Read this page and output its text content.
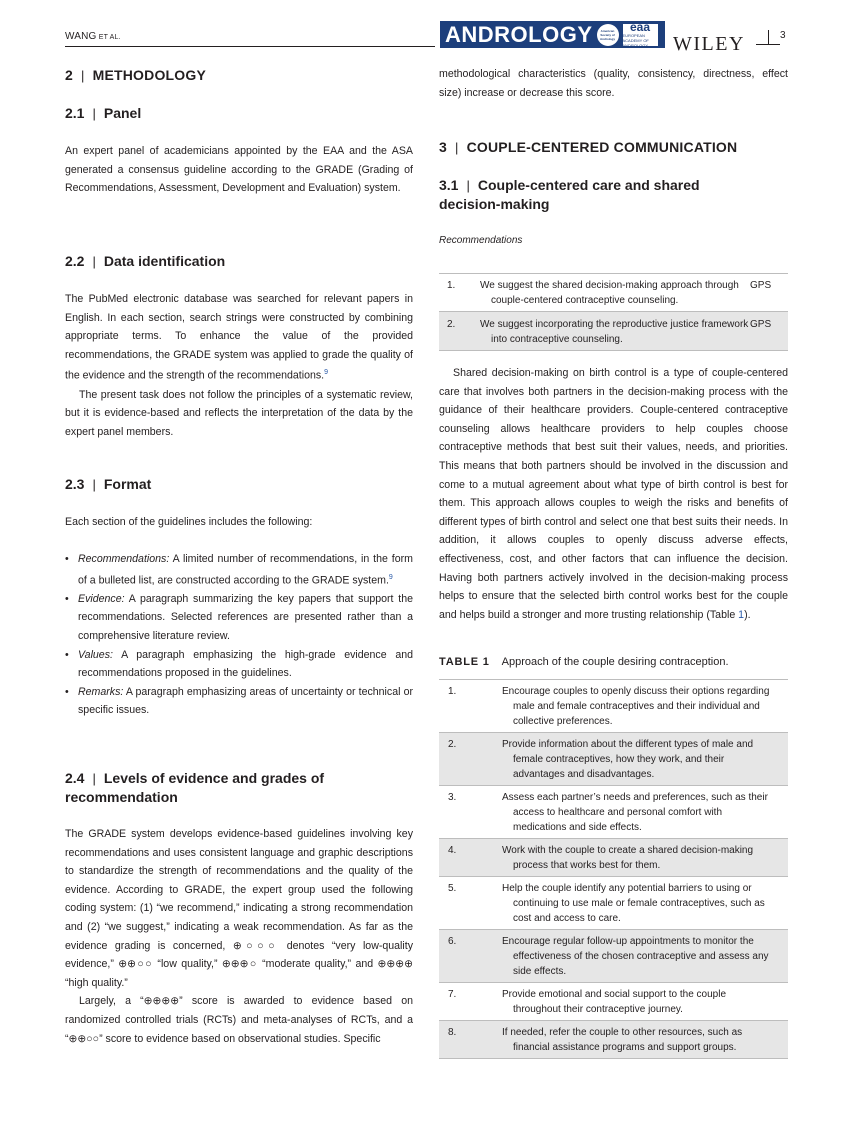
WANG ET AL.	ANDROLOGY	American Society of Andrology
eaa
EUROPEAN ACADEMY OF ANDROLOGY	WILEY	3
2 | METHODOLOGY
2.1 | Panel
An expert panel of academicians appointed by the EAA and the ASA generated a consensus guideline according to the GRADE (Grading of Recommendations, Assessment, Development and Evaluation) system.
2.2 | Data identification
The PubMed electronic database was searched for relevant papers in English. In each section, search strings were constructed by combining appropriate terms. To enhance the value of the provided recommendations, the GRADE system was applied to grade the quality of the evidence and the strength of the recommendations.$^9$
The present task does not follow the principles of a systematic review, but it is evidence-based and reflects the interpretation of the data by the expert panel members.
2.3 | Format
Each section of the guidelines includes the following:
• Recommendations: A limited number of recommendations, in the form of a bulleted list, are constructed according to the GRADE system.$^9$
• Evidence: A paragraph summarizing the key papers that support the recommendations. Selected references are presented rather than a comprehensive literature review.
• Values: A paragraph emphasizing the high-grade evidence and recommendations proposed in the guidelines.
• Remarks: A paragraph emphasizing areas of uncertainty or technical or specific issues.
2.4 | Levels of evidence and grades of recommendation
The GRADE system develops evidence-based guidelines involving key recommendations and uses consistent language and graphic descriptions to standardize the strength of recommendations and the quality of the evidence. According to GRADE, the expert group used the following coding system: (1) “we recommend,” indicating a strong recommendation and (2) “we suggest,” indicating a weak recommendation. As far as the evidence grading is concerned, ⊕○○○ denotes “very low-quality evidence,” ⊕⊕○○ “low quality,” ⊕⊕⊕○ “moderate quality,” and ⊕⊕⊕⊕ “high quality.”
Largely, a “⊕⊕⊕⊕” score is awarded to evidence based on randomized controlled trials (RCTs) and meta-analyses of RCTs, and a “⊕⊕○○” score to evidence based on observational studies. Specific
methodological characteristics (quality, consistency, directness, effect size) increase or decrease this score.
3 | COUPLE-CENTERED COMMUNICATION
3.1 | Couple-centered care and shared
decision-making
Recommendations
1.	We suggest the shared decision-making approach through couple-centered contraceptive counseling.	GPS
2.	We suggest incorporating the reproductive justice framework into contraceptive counseling.	GPS
Shared decision-making on birth control is a type of couple-centered care that involves both partners in the decision-making process with the guidance of their healthcare providers. Couple-centered contraceptive counseling allows healthcare providers to help couples choose contraceptive methods that best suit their values, needs, and priorities. This means that both partners should be involved in the discussion and come to a mutual agreement about what type of birth control is best for them. This approach allows couples to weigh the risks and benefits of different types of birth control and select one that best suits their needs. In addition, it allows couples to openly discuss adverse effects, effectiveness, cost, and other factors that can influence the decision. Having both partners actively involved in the decision-making process helps to ensure that the selected birth control works best for the couple and helps build a stronger and more trusting relationship (Table 1).
TABLE 1 Approach of the couple desiring contraception.
1.	Encourage couples to openly discuss their options regarding male and female contraceptives and their individual and collective preferences.

2.	Provide information about the different types of male and female contraceptives, how they work, and their advantages and disadvantages.

3.	Assess each partner’s needs and preferences, such as their access to healthcare and personal comfort with medications and side effects.

4.	Work with the couple to create a shared decision-making process that works best for them.

5.	Help the couple identify any potential barriers to using or continuing to use male or female contraceptives, such as cost and access to care.

6.	Encourage regular follow-up appointments to monitor the effectiveness of the chosen contraceptive and assess any side effects.

7.	Provide emotional and social support to the couple throughout their contraceptive journey.

8.	If needed, refer the couple to other resources, such as financial assistance programs and support groups.
